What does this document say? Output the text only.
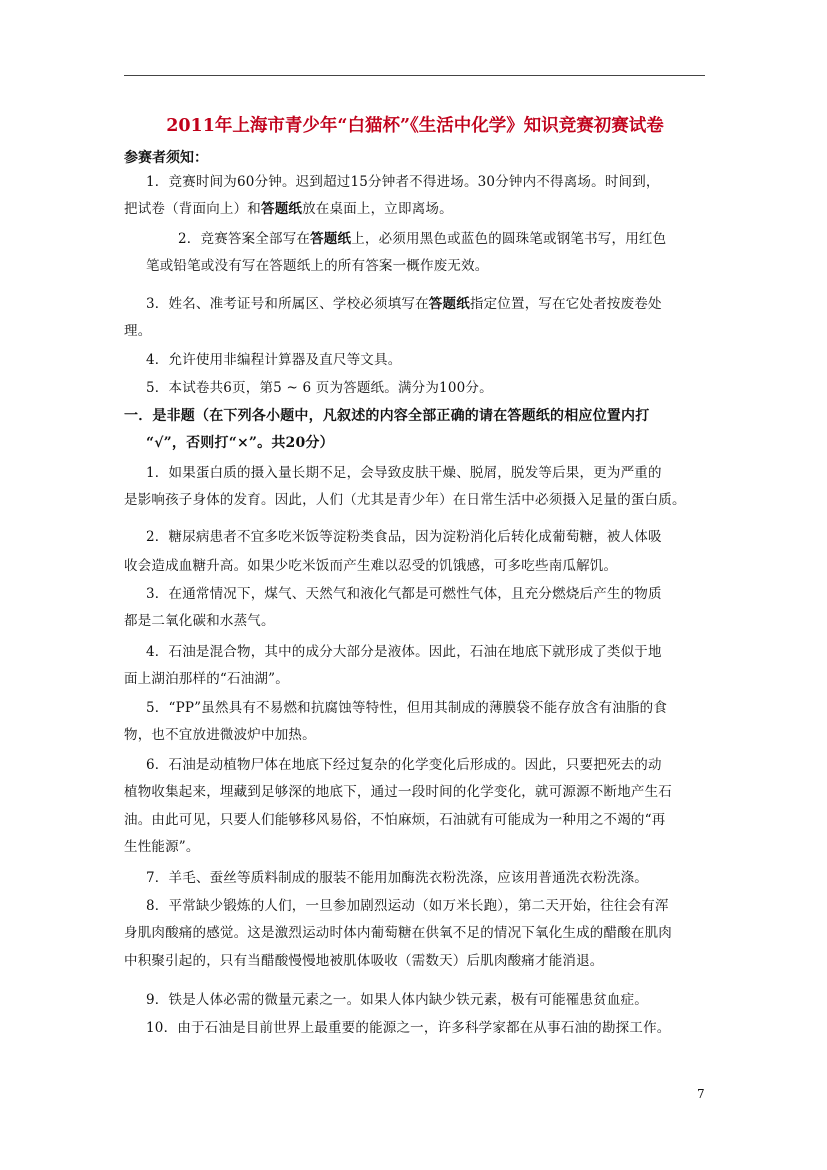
2011年上海市青少年“白猫杯”《生活中化学》知识竞赛初赛试卷
参赛者须知：
1．竞赛时间为60分钟。迟到超过15分钟者不得进场。30分钟内不得离场。时间到，
把试卷（背面向上）和答题纸放在桌面上，立即离场。
2．竞赛答案全部写在答题纸上，必须用黑色或蓝色的圆珠笔或钢笔书写，用红色
笔或铅笔或没有写在答题纸上的所有答案一概作废无效。
3．姓名、准考证号和所属区、学校必须填写在答题纸指定位置，写在它处者按废卷处
理。
4．允许使用非编程计算器及直尺等文具。
5．本试卷共6页，第5 ~ 6 页为答题纸。满分为100分。
一．是非题（在下列各小题中，凡叙述的内容全部正确的请在答题纸的相应位置内打
“√”，否则打“×”。共20分）
1．如果蛋白质的摄入量长期不足，会导致皮肤干燥、脱屑，脱发等后果，更为严重的
是影响孩子身体的发育。因此，人们（尤其是青少年）在日常生活中必须摄入足量的蛋白质。
2．糖尿病患者不宜多吃米饭等淀粉类食品，因为淀粉消化后转化成葡萄糖，被人体吸
收会造成血糖升高。如果少吃米饭而产生难以忍受的饥饿感，可多吃些南瓜解饥。
3．在通常情况下，煤气、天然气和液化气都是可燃性气体，且充分燃烧后产生的物质
都是二氧化碳和水蒸气。
4．石油是混合物，其中的成分大部分是液体。因此，石油在地底下就形成了类似于地
面上湖泊那样的“石油湖”。
5．“PP”虽然具有不易燃和抗腐蚀等特性，但用其制成的薄膜袋不能存放含有油脂的食
物，也不宜放进微波炉中加热。
6．石油是动植物尸体在地底下经过复杂的化学变化后形成的。因此，只要把死去的动
植物收集起来，埋藏到足够深的地底下，通过一段时间的化学变化，就可源源不断地产生石
油。由此可见，只要人们能够移风易俗，不怕麻烦，石油就有可能成为一种用之不竭的“再
生性能源”。
7．羊毛、蚕丝等质料制成的服装不能用加酶洗衣粉洗涤，应该用普通洗衣粉洗涤。
8．平常缺少锻炼的人们，一旦参加剧烈运动（如万米长跑），第二天开始，往往会有浑
身肌肉酸痛的感觉。这是激烈运动时体内葡萄糖在供氧不足的情况下氧化生成的醋酸在肌肉
中积聚引起的，只有当醋酸慢慢地被肌体吸收（需数天）后肌肉酸痛才能消退。
9．铁是人体必需的微量元素之一。如果人体内缺少铁元素，极有可能罹患贫血症。
10．由于石油是目前世界上最重要的能源之一，许多科学家都在从事石油的勘探工作。
7
